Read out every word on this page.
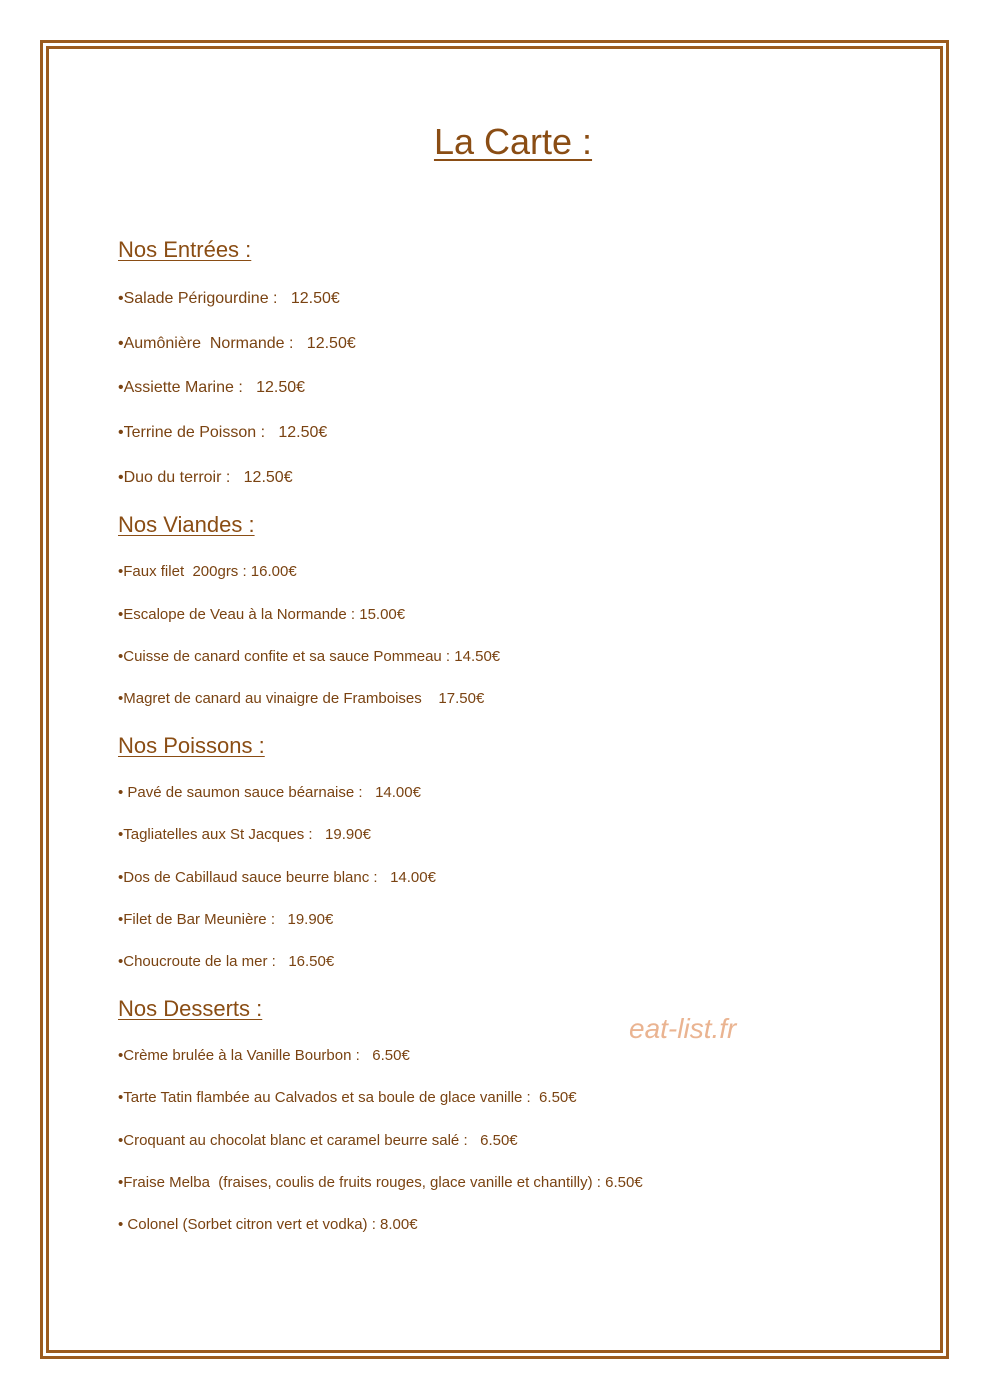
La Carte :
Nos Entrées :

•Salade Périgourdine :   12.50€

•Aumônière  Normande :   12.50€

•Assiette Marine :   12.50€

•Terrine de Poisson :   12.50€

•Duo du terroir :   12.50€

Nos Viandes :

•Faux filet  200grs : 16.00€

•Escalope de Veau à la Normande : 15.00€

•Cuisse de canard confite et sa sauce Pommeau : 14.50€

•Magret de canard au vinaigre de Framboises    17.50€

Nos Poissons :

• Pavé de saumon sauce béarnaise :   14.00€

•Tagliatelles aux St Jacques :   19.90€

•Dos de Cabillaud sauce beurre blanc :   14.00€

•Filet de Bar Meunière :   19.90€

•Choucroute de la mer :   16.50€

Nos Desserts :

•Crème brulée à la Vanille Bourbon :   6.50€

•Tarte Tatin flambée au Calvados et sa boule de glace vanille :  6.50€

•Croquant au chocolat blanc et caramel beurre salé :   6.50€

•Fraise Melba  (fraises, coulis de fruits rouges, glace vanille et chantilly) : 6.50€

• Colonel (Sorbet citron vert et vodka) : 8.00€

eat-list.fr
